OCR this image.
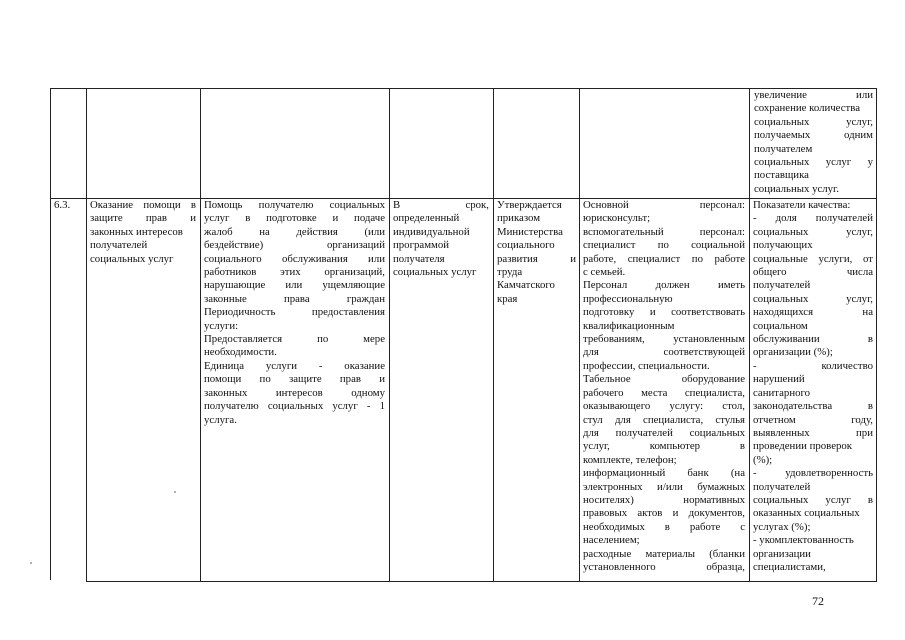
увеличение или
сохранение количества
социальных услуг,
получаемых одним
получателем
социальных услуг у
поставщика
социальных услуг.
6.3.	Оказание помощи в
защите прав и
законных интересов
получателей
социальных услуг
Помощь получателю социальных
услуг в подготовке и подаче
жалоб на действия (или
бездействие) организаций
социального обслуживания или
работников этих организаций,
нарушающие или ущемляющие
законные права граждан
Периодичность предоставления
услуги:
Предоставляется по мере
необходимости.
Единица услуги - оказание
помощи по защите прав и
законных интересов одному
получателю социальных услуг - 1
услуга.
В срок,
определенный
индивидуальной
программой
получателя
социальных услуг
Утверждается
приказом
Министерства
социального
развития и
труда
Камчатского
края
Основной персонал:
юрисконсульт;
вспомогательный персонал:
специалист по социальной
работе, специалист по работе
с семьей.
Персонал должен иметь
профессиональную
подготовку и соответствовать
квалификационным
требованиям, установленным
для соответствующей
профессии, специальности.
Табельное оборудование
рабочего места специалиста,
оказывающего услугу: стол,
стул для специалиста, стулья
для получателей социальных
услуг, компьютер в
комплекте, телефон;
информационный банк (на
электронных и/или бумажных
носителях) нормативных
правовых актов и документов,
необходимых в работе с
населением;
расходные материалы (бланки
установленного образца,
Показатели качества:
- доля получателей
социальных услуг,
получающих
социальные услуги, от
общего числа
получателей
социальных услуг,
находящихся на
социальном
обслуживании в
организации (%);
- количество
нарушений
санитарного
законодательства в
отчетном году,
выявленных при
проведении проверок
(%);
- удовлетворенность
получателей
социальных услуг в
оказанных социальных
услугах (%);
- укомплектованность
организации
специалистами,
72
